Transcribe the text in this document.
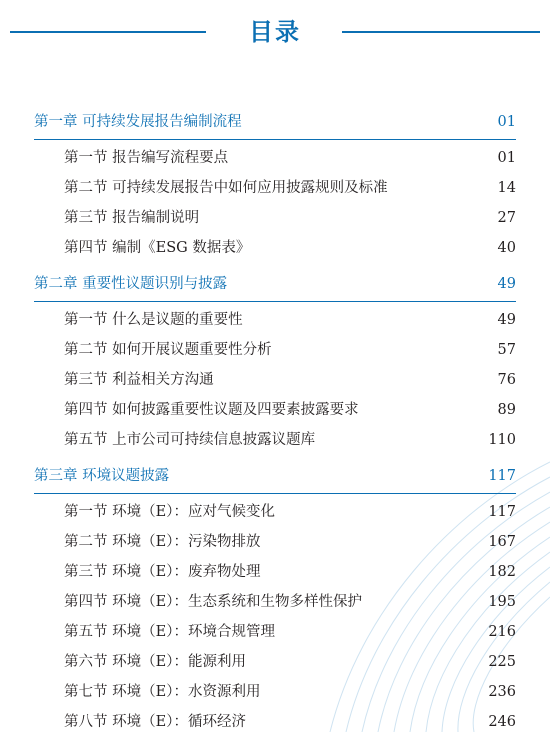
目录
第一章 可持续发展报告编制流程	01
第一节 报告编写流程要点	01
第二节 可持续发展报告中如何应用披露规则及标准	14
第三节 报告编制说明	27
第四节 编制《ESG 数据表》	40
第二章 重要性议题识别与披露	49
第一节 什么是议题的重要性	49
第二节 如何开展议题重要性分析	57
第三节 利益相关方沟通	76
第四节 如何披露重要性议题及四要素披露要求	89
第五节 上市公司可持续信息披露议题库	110
第三章 环境议题披露	117
第一节 环境（E）：应对气候变化	117
第二节 环境（E）：污染物排放	167
第三节 环境（E）：废弃物处理	182
第四节 环境（E）：生态系统和生物多样性保护	195
第五节 环境（E）：环境合规管理	216
第六节 环境（E）：能源利用	225
第七节 环境（E）：水资源利用	236
第八节 环境（E）：循环经济	246
